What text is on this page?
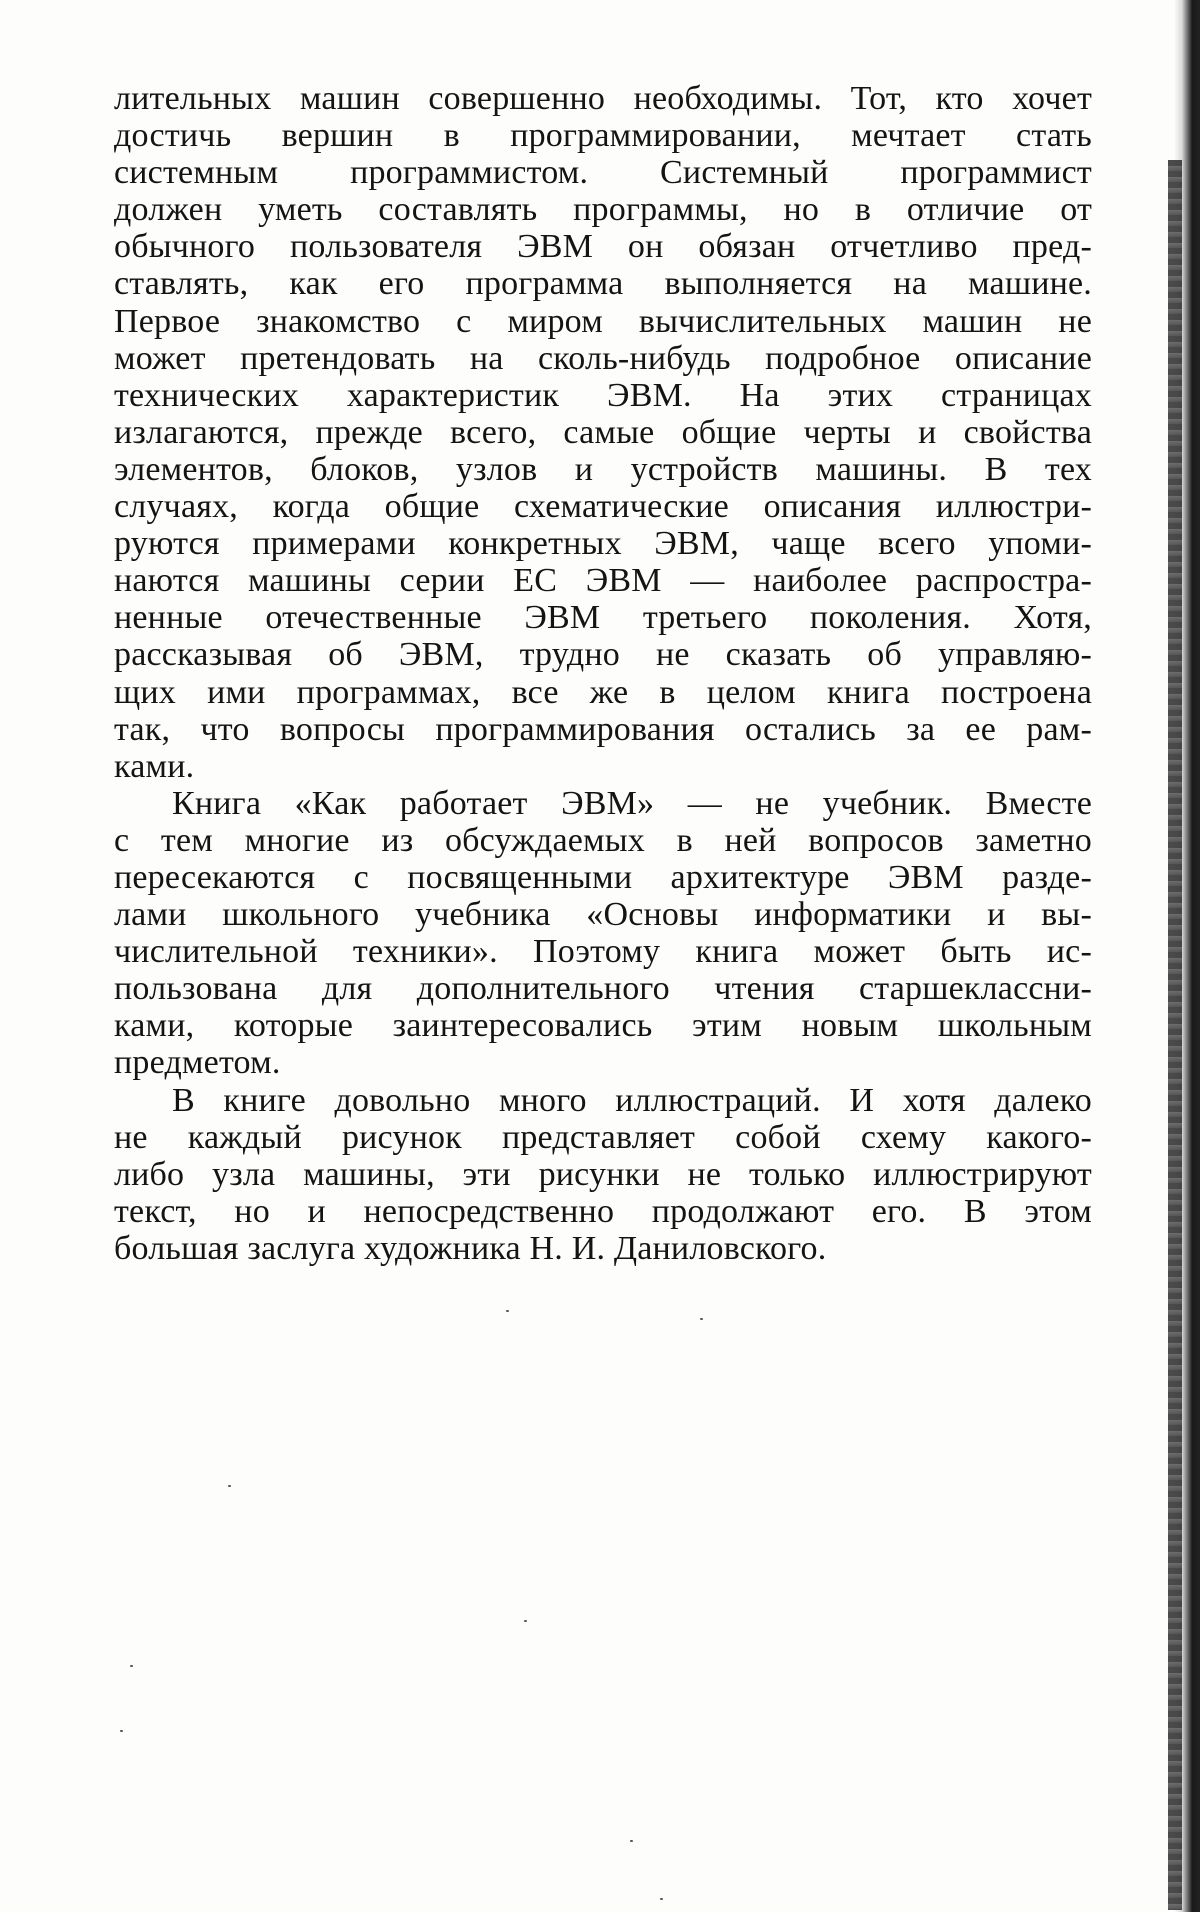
лительных машин совершенно необходимы. Тот, кто хочет
достичь вершин в программировании, мечтает стать
системным программистом. Системный программист
должен уметь составлять программы, но в отличие от
обычного пользователя ЭВМ он обязан отчетливо пред-
ставлять, как его программа выполняется на машине.
Первое знакомство с миром вычислительных машин не
может претендовать на сколь-нибудь подробное описание
технических характеристик ЭВМ. На этих страницах
излагаются, прежде всего, самые общие черты и свойства
элементов, блоков, узлов и устройств машины. В тех
случаях, когда общие схематические описания иллюстри-
руются примерами конкретных ЭВМ, чаще всего упоми-
наются машины серии ЕС ЭВМ — наиболее распростра-
ненные отечественные ЭВМ третьего поколения. Хотя,
рассказывая об ЭВМ, трудно не сказать об управляю-
щих ими программах, все же в целом книга построена
так, что вопросы программирования остались за ее рам-
ками.
Книга «Как работает ЭВМ» — не учебник. Вместе
с тем многие из обсуждаемых в ней вопросов заметно
пересекаются с посвященными архитектуре ЭВМ разде-
лами школьного учебника «Основы информатики и вы-
числительной техники». Поэтому книга может быть ис-
пользована для дополнительного чтения старшеклассни-
ками, которые заинтересовались этим новым школьным
предметом.
В книге довольно много иллюстраций. И хотя далеко
не каждый рисунок представляет собой схему какого-
либо узла машины, эти рисунки не только иллюстрируют
текст, но и непосредственно продолжают его. В этом
большая заслуга художника Н. И. Даниловского.
